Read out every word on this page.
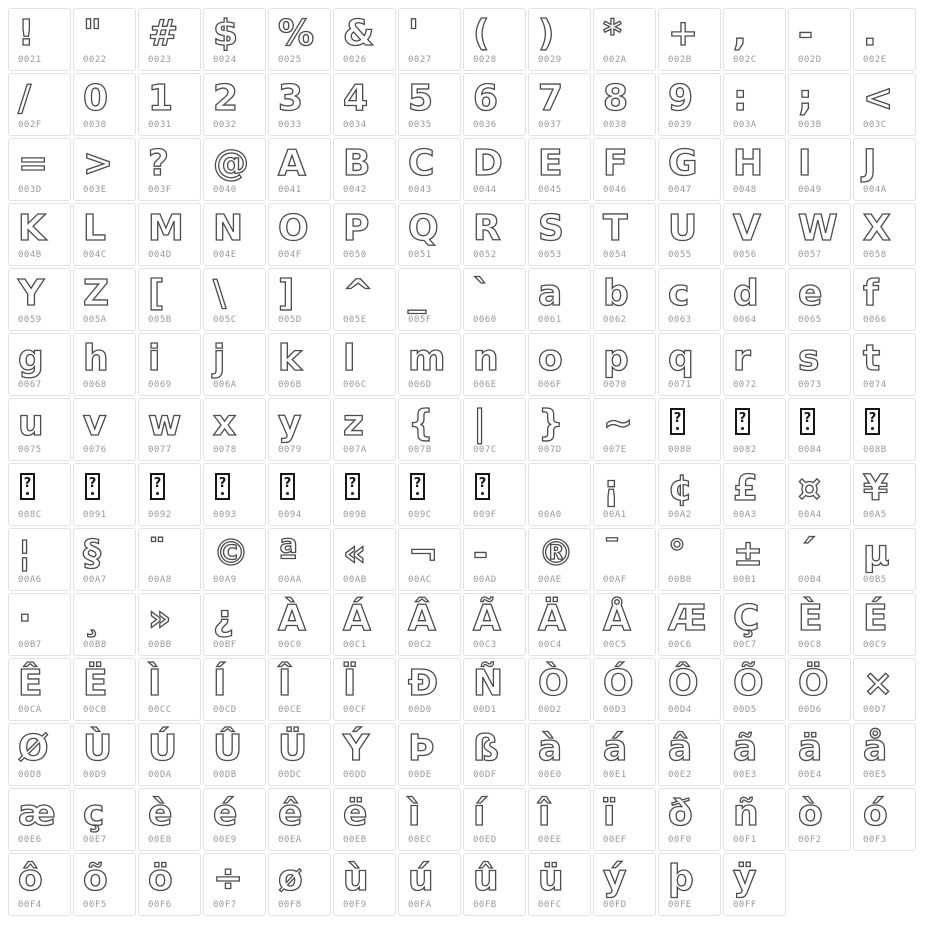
!
0021
"
0022
#
0023
$
0024
%
0025
&
0026
'
0027
(
0028
)
0029
*
002A
+
002B
,
002C
-
002D
.
002E
/
002F
0
0030
1
0031
2
0032
3
0033
4
0034
5
0035
6
0036
7
0037
8
0038
9
0039
:
003A
;
003B
<
003C
=
003D
>
003E
?
003F
@
0040
A
0041
B
0042
C
0043
D
0044
E
0045
F
0046
G
0047
H
0048
I
0049
J
004A
K
004B
L
004C
M
004D
N
004E
O
004F
P
0050
Q
0051
R
0052
S
0053
T
0054
U
0055
V
0056
W
0057
X
0058
Y
0059
Z
005A
[
005B
\
005C
]
005D
^
005E
_
005F
`
0060
a
0061
b
0062
c
0063
d
0064
e
0065
f
0066
g
0067
h
0068
i
0069
j
006A
k
006B
l
006C
m
006D
n
006E
o
006F
p
0070
q
0071
r
0072
s
0073
t
0074
u
0075
v
0076
w
0077
x
0078
y
0079
z
007A
{
007B
|
007C
}
007D
~
007E
?
0080
?
0082
?
0084
?
008B
?
008C
?
0091
?
0092
?
0093
?
0094
?
009B
?
009C
?
009F	00A0
¡
00A1
¢
00A2
£
00A3
¤
00A4
¥
00A5
¦
00A6
§
00A7
¨
00A8
©
00A9
ª
00AA
«
00AB
¬
00AC
-
00AD
®
00AE
¯
00AF
°
00B0
±
00B1
´
00B4
µ
00B5
·
00B7
¸
00B8
»
00BB
¿
00BF
À
00C0
Á
00C1
Â
00C2
Ã
00C3
Ä
00C4
Å
00C5
Æ
00C6
Ç
00C7
È
00C8
É
00C9
Ê
00CA
Ë
00CB
Ì
00CC
Í
00CD
Î
00CE
Ï
00CF
Ð
00D0
Ñ
00D1
Ò
00D2
Ó
00D3
Ô
00D4
Õ
00D5
Ö
00D6
×
00D7
Ø
00D8
Ù
00D9
Ú
00DA
Û
00DB
Ü
00DC
Ý
00DD
Þ
00DE
ß
00DF
à
00E0
á
00E1
â
00E2
ã
00E3
ä
00E4
å
00E5
æ
00E6
ç
00E7
è
00E8
é
00E9
ê
00EA
ë
00EB
ì
00EC
í
00ED
î
00EE
ï
00EF
ð
00F0
ñ
00F1
ò
00F2
ó
00F3
ô
00F4
õ
00F5
ö
00F6
÷
00F7
ø
00F8
ù
00F9
ú
00FA
û
00FB
ü
00FC
ý
00FD
þ
00FE
ÿ
00FF
